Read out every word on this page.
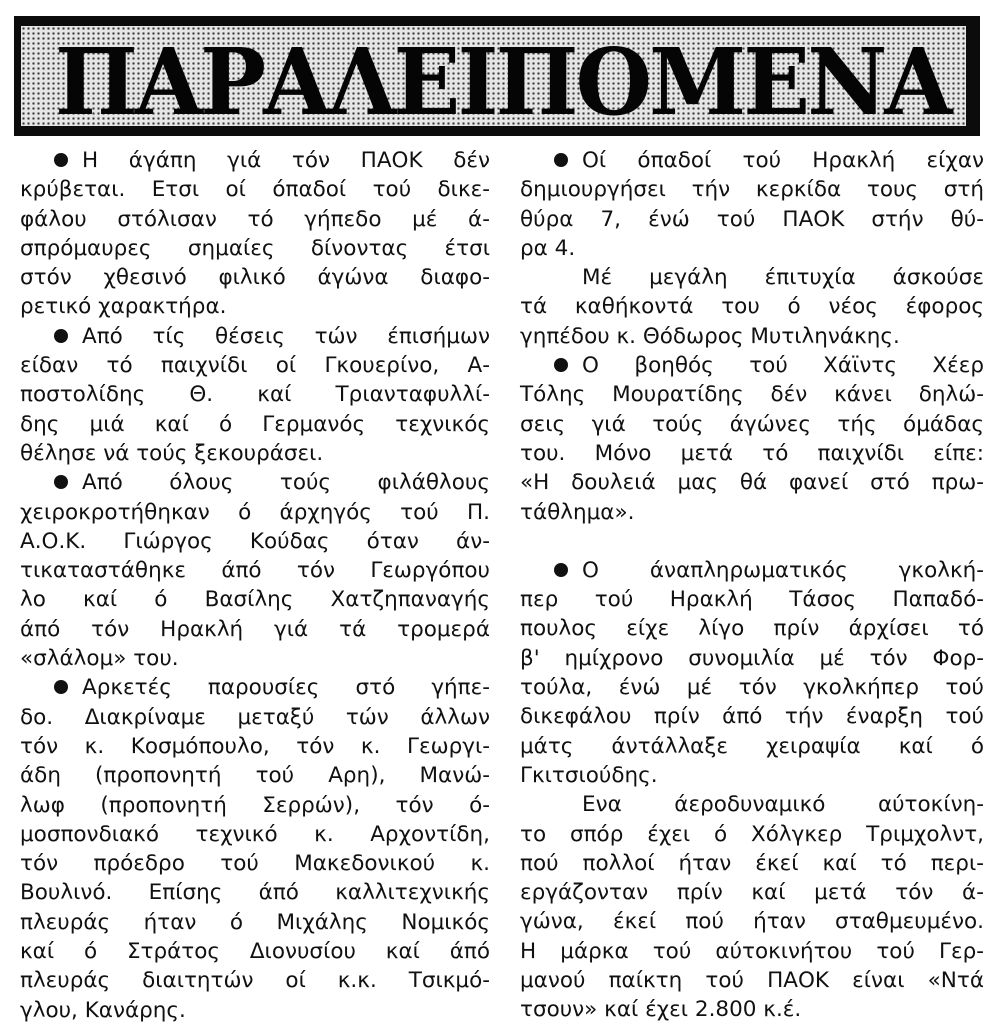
ΠΑΡΑΛΕΙΠΟΜΕΝΑ
Η άγάπη γιά τόν ΠΑΟΚ δέν
κρύβεται. Ετσι οί όπαδοί τού δικε-
φάλου στόλισαν τό γήπεδο μέ ά-
σπρόμαυρες σημαίες δίνοντας έτσι
στόν χθεσινό φιλικό άγώνα διαφο-
ρετικό χαρακτήρα.
Από τίς θέσεις τών έπισήμων
είδαν τό παιχνίδι οί Γκουερίνο, Α-
ποστολίδης Θ. καί Τριανταφυλλί-
δης μιά καί ό Γερμανός τεχνικός
θέλησε νά τούς ξεκουράσει.
Από όλους τούς φιλάθλους
χειροκροτήθηκαν ό άρχηγός τού Π.
Α.Ο.Κ. Γιώργος Κούδας όταν άν-
τικαταστάθηκε άπό τόν Γεωργόπου
λο καί ό Βασίλης Χατζηπαναγής
άπό τόν Ηρακλή γιά τά τρομερά
«σλάλομ» του.
Αρκετές παρουσίες στό γήπε-
δο. Διακρίναμε μεταξύ τών άλλων
τόν κ. Κοσμόπουλο, τόν κ. Γεωργι-
άδη (προπονητή τού Αρη), Μανώ-
λωφ (προπονητή Σερρών), τόν ό-
μοσπονδιακό τεχνικό κ. Αρχοντίδη,
τόν πρόεδρο τού Μακεδονικού κ.
Βουλινό. Επίσης άπό καλλιτεχνικής
πλευράς ήταν ό Μιχάλης Νομικός
καί ό Στράτος Διονυσίου καί άπό
πλευράς διαιτητών οί κ.κ. Τσικμό-
γλου, Κανάρης.
Οί όπαδοί τού Ηρακλή είχαν
δημιουργήσει τήν κερκίδα τους στή
θύρα 7, ένώ τού ΠΑΟΚ στήν θύ-
ρα 4.
Μέ μεγάλη έπιτυχία άσκούσε
τά καθήκοντά του ό νέος έφορος
γηπέδου κ. Θόδωρος Μυτιληνάκης.
Ο βοηθός τού Χάϊντς Χέερ
Τόλης Μουρατίδης δέν κάνει δηλώ-
σεις γιά τούς άγώνες τής όμάδας
του. Μόνο μετά τό παιχνίδι είπε:
«Η δουλειά μας θά φανεί στό πρω-
τάθλημα».
Ο άναπληρωματικός γκολκή-
περ τού Ηρακλή Τάσος Παπαδό-
πουλος είχε λίγο πρίν άρχίσει τό
β' ημίχρονο συνομιλία μέ τόν Φορ-
τούλα, ένώ μέ τόν γκολκήπερ τού
δικεφάλου πρίν άπό τήν έναρξη τού
μάτς άντάλλαξε χειραψία καί ό
Γκιτσιούδης.
Ενα άεροδυναμικό αύτοκίνη-
το σπόρ έχει ό Χόλγκερ Τριμχολντ,
πού πολλοί ήταν έκεί καί τό περι-
εργάζονταν πρίν καί μετά τόν ά-
γώνα, έκεί πού ήταν σταθμευμένο.
Η μάρκα τού αύτοκινήτου τού Γερ-
μανού παίκτη τού ΠΑΟΚ είναι «Ντά
τσουν» καί έχει 2.800 κ.έ.
